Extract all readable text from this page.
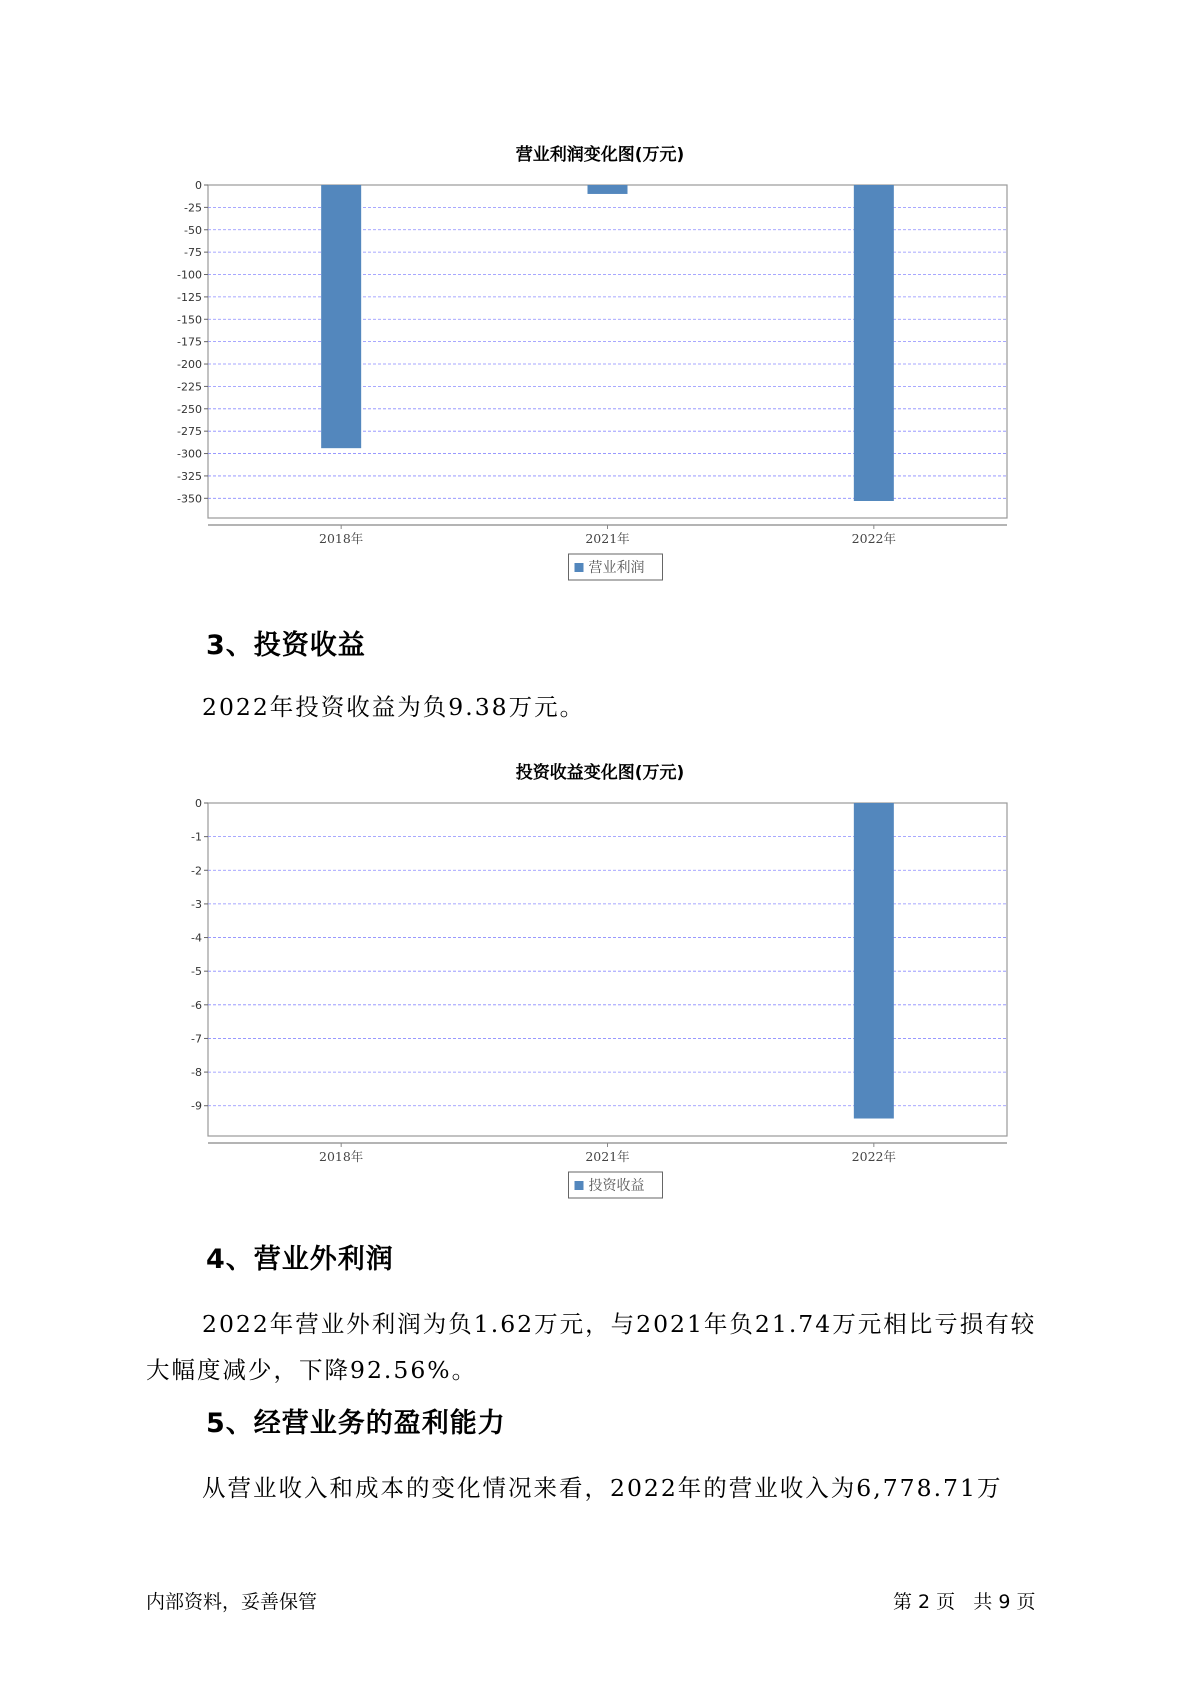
营业利润变化图(万元)
0
-25
-50
-75
-100
-125
-150
-175
-200
-225
-250
-275
-300
-325
-350
2018年	2021年	2022年
营业利润
3、投资收益
2022年投资收益为负9.38万元。
投资收益变化图(万元)
0
-1
-2
-3
-4
-5
-6
-7
-8
-9
2018年	2021年	2022年
投资收益
4、营业外利润
2022年营业外利润为负1.62万元，与2021年负21.74万元相比亏损有较
大幅度减少，下降92.56%。
5、经营业务的盈利能力
从营业收入和成本的变化情况来看，2022年的营业收入为6,778.71万
内部资料，妥善保管	第 2 页   共 9 页
